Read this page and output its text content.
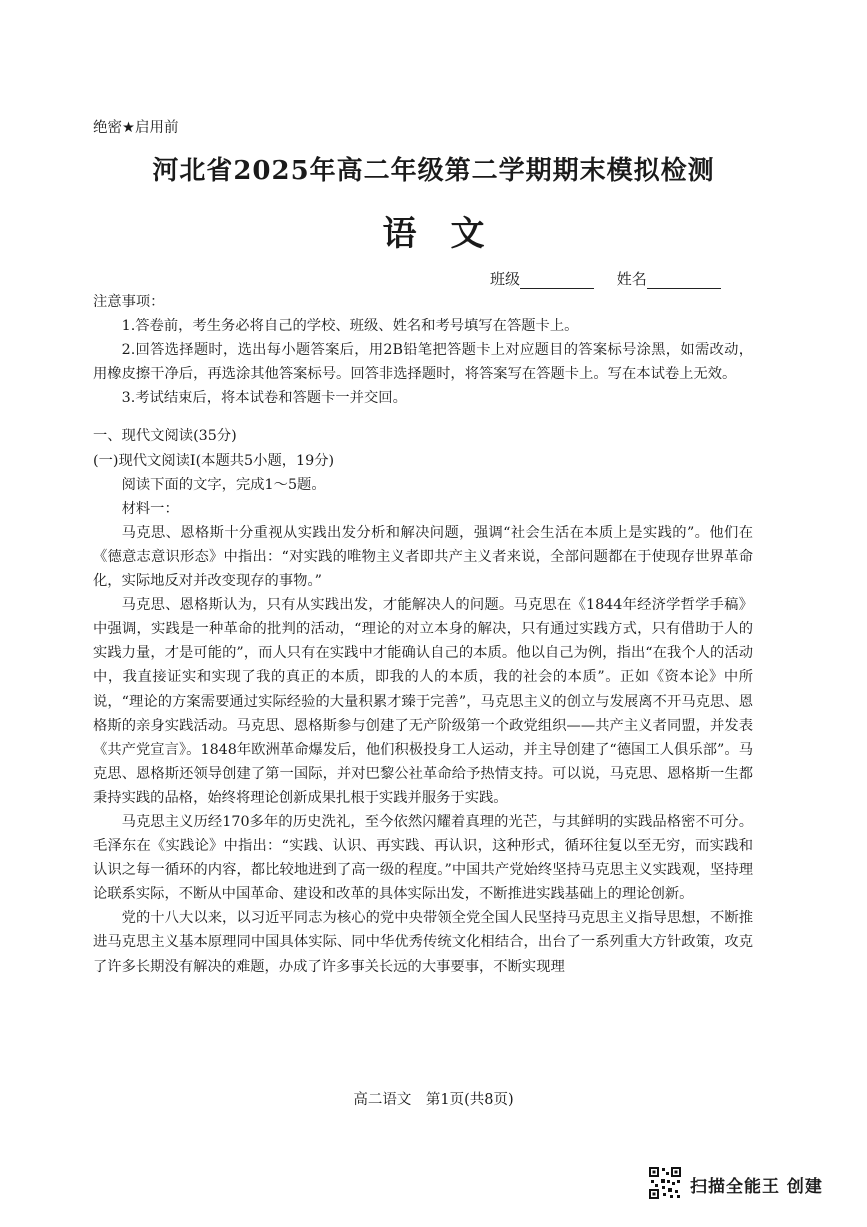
绝密★启用前
河北省2025年高二年级第二学期期末模拟检测
语文
班级	姓名

注意事项：

1.答卷前，考生务必将自己的学校、班级、姓名和考号填写在答题卡上。

2.回答选择题时，选出每小题答案后，用2B铅笔把答题卡上对应题目的答案标号涂黑，如需改动，用橡皮擦干净后，再选涂其他答案标号。回答非选择题时，将答案写在答题卡上。写在本试卷上无效。

3.考试结束后，将本试卷和答题卡一并交回。

一、现代文阅读(35分)

(一)现代文阅读Ⅰ(本题共5小题，19分)

阅读下面的文字，完成1～5题。

材料一：

马克思、恩格斯十分重视从实践出发分析和解决问题，强调“社会生活在本质上是实践的”。他们在《德意志意识形态》中指出：“对实践的唯物主义者即共产主义者来说，全部问题都在于使现存世界革命化，实际地反对并改变现存的事物。”

马克思、恩格斯认为，只有从实践出发，才能解决人的问题。马克思在《1844年经济学哲学手稿》中强调，实践是一种革命的批判的活动，“理论的对立本身的解决，只有通过实践方式，只有借助于人的实践力量，才是可能的”，而人只有在实践中才能确认自己的本质。他以自己为例，指出“在我个人的活动中，我直接证实和实现了我的真正的本质，即我的人的本质，我的社会的本质”。正如《资本论》中所说，“理论的方案需要通过实际经验的大量积累才臻于完善”，马克思主义的创立与发展离不开马克思、恩格斯的亲身实践活动。马克思、恩格斯参与创建了无产阶级第一个政党组织——共产主义者同盟，并发表《共产党宣言》。1848年欧洲革命爆发后，他们积极投身工人运动，并主导创建了“德国工人俱乐部”。马克思、恩格斯还领导创建了第一国际，并对巴黎公社革命给予热情支持。可以说，马克思、恩格斯一生都秉持实践的品格，始终将理论创新成果扎根于实践并服务于实践。

马克思主义历经170多年的历史洗礼，至今依然闪耀着真理的光芒，与其鲜明的实践品格密不可分。毛泽东在《实践论》中指出：“实践、认识、再实践、再认识，这种形式，循环往复以至无穷，而实践和认识之每一循环的内容，都比较地进到了高一级的程度。”中国共产党始终坚持马克思主义实践观，坚持理论联系实际，不断从中国革命、建设和改革的具体实际出发，不断推进实践基础上的理论创新。

党的十八大以来，以习近平同志为核心的党中央带领全党全国人民坚持马克思主义指导思想，不断推进马克思主义基本原理同中国具体实际、同中华优秀传统文化相结合，出台了一系列重大方针政策，攻克了许多长期没有解决的难题，办成了许多事关长远的大事要事，不断实现理

高二语文　第1页(共8页)
扫描全能王 创建
